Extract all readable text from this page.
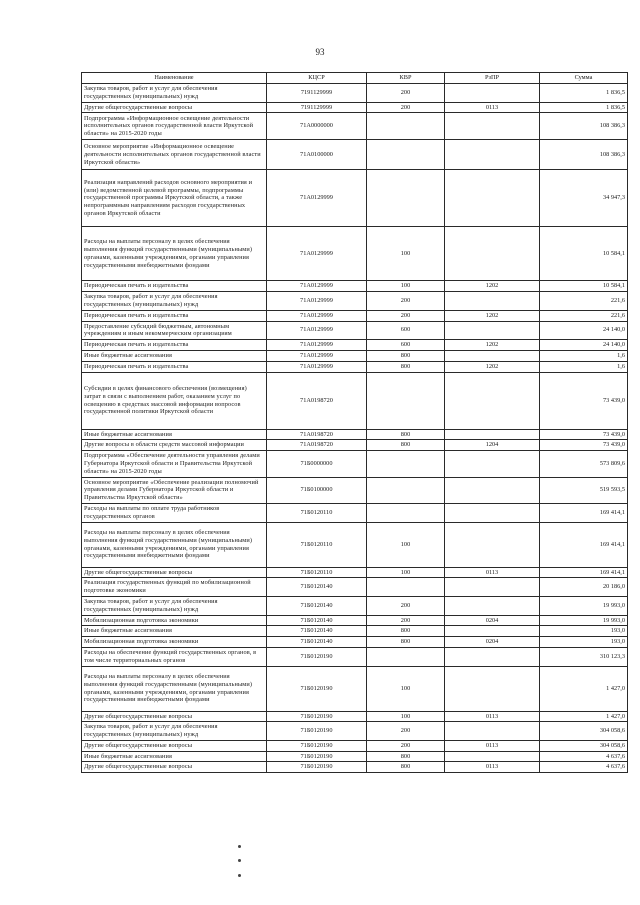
93
Наименование	КЦСР	КВР	РзПР	Сумма
Закупка товаров, работ и услуг для обеспечения государственных (муниципальных) нужд	7191129999	200		1 836,5
Другие общегосударственные вопросы	7191129999	200	0113	1 836,5
Подпрограмма «Информационное освещение деятельности исполнительных органов государственной власти Иркутской области» на 2015-2020 годы	71А0000000			108 386,3
Основное мероприятие «Информационное освещение деятельности исполнительных органов государственной власти Иркутской области»	71А0100000			108 386,3
Реализация направлений расходов основного мероприятия и (или) ведомственной целевой программы, подпрограммы государственной программы Иркутской области, а также непрограммным направлениям расходов государственных органов Иркутской области	71А0129999			34 947,3
Расходы на выплаты персоналу в целях обеспечения выполнения функций государственными (муниципальными) органами, казенными учреждениями, органами управления государственными внебюджетными фондами	71А0129999	100		10 584,1
Периодическая печать и издательства	71А0129999	100	1202	10 584,1
Закупка товаров, работ и услуг для обеспечения государственных (муниципальных) нужд	71А0129999	200		221,6
Периодическая печать и издательства	71А0129999	200	1202	221,6
Предоставление субсидий бюджетным, автономным учреждениям и иным некоммерческим организациям	71А0129999	600		24 140,0
Периодическая печать и издательства	71А0129999	600	1202	24 140,0
Иные бюджетные ассигнования	71А0129999	800		1,6
Периодическая печать и издательства	71А0129999	800	1202	1,6
Субсидии в целях финансового обеспечения (возмещения) затрат в связи с выполнением работ, оказанием услуг по освещению в средствах массовой информации вопросов государственной политики Иркутской области	71А0198720			73 439,0
Иные бюджетные ассигнования	71А0198720	800		73 439,0
Другие вопросы в области средств массовой информации	71А0198720	800	1204	73 439,0
Подпрограмма «Обеспечение деятельности управления делами Губернатора Иркутской области и Правительства Иркутской области» на 2015-2020 годы	71Б0000000			573 809,6
Основное мероприятие «Обеспечение реализации полномочий управления делами Губернатора Иркутской области и Правительства Иркутской области»	71Б0100000			519 593,5
Расходы на выплаты по оплате труда работников государственных органов	71Б0120110			169 414,1
Расходы на выплаты персоналу в целях обеспечения выполнения функций государственными (муниципальными) органами, казенными учреждениями, органами управления государственными внебюджетными фондами	71Б0120110	100		169 414,1
Другие общегосударственные вопросы	71Б0120110	100	0113	169 414,1
Реализация государственных функций по мобилизационной подготовке экономики	71Б0120140			20 186,0
Закупка товаров, работ и услуг для обеспечения государственных (муниципальных) нужд	71Б0120140	200		19 993,0
Мобилизационная подготовка экономики	71Б0120140	200	0204	19 993,0
Иные бюджетные ассигнования	71Б0120140	800		193,0
Мобилизационная подготовка экономики	71Б0120140	800	0204	193,0
Расходы на обеспечение функций государственных органов, в том числе территориальных органов	71Б0120190			310 123,3
Расходы на выплаты персоналу в целях обеспечения выполнения функций государственными (муниципальными) органами, казенными учреждениями, органами управления государственными внебюджетными фондами	71Б0120190	100		1 427,0
Другие общегосударственные вопросы	71Б0120190	100	0113	1 427,0
Закупка товаров, работ и услуг для обеспечения государственных (муниципальных) нужд	71Б0120190	200		304 058,6
Другие общегосударственные вопросы	71Б0120190	200	0113	304 058,6
Иные бюджетные ассигнования	71Б0120190	800		4 637,6
Другие общегосударственные вопросы	71Б0120190	800	0113	4 637,6
